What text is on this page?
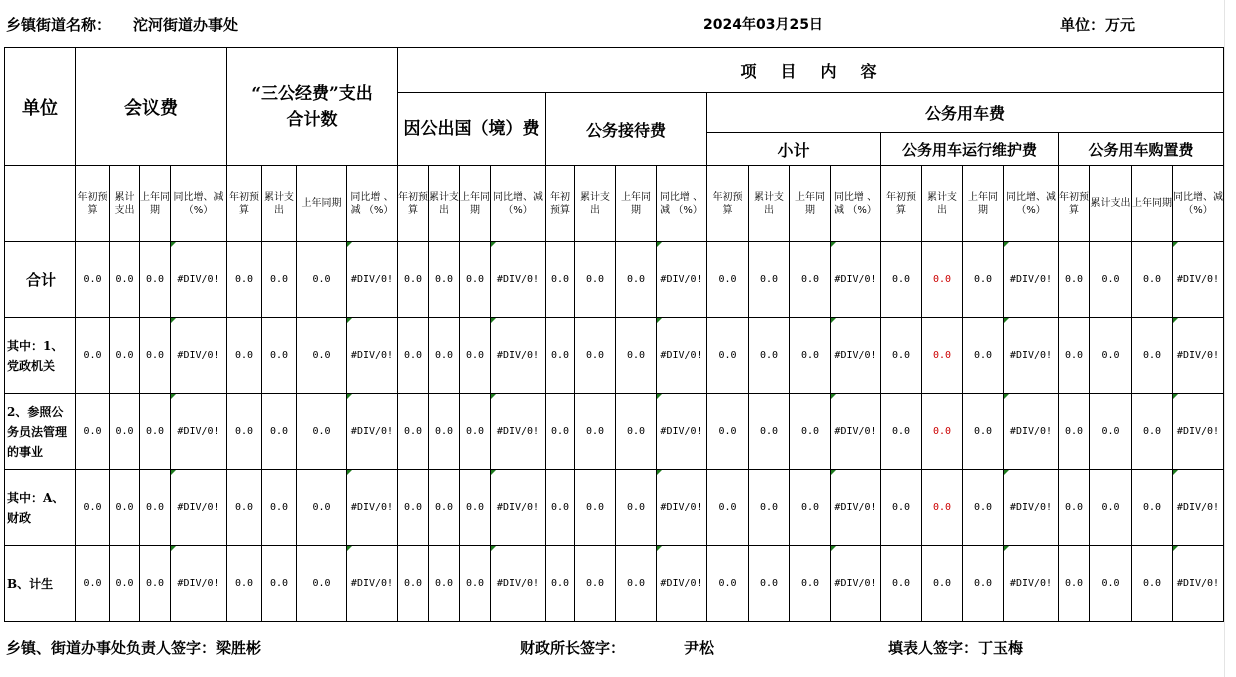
乡镇街道名称： 沱河街道办事处	2024年03月25日	单位：万元
单位	会议费				“三公经费”支出　　　合计数				项　目　内　容																			
									因公出国（境）费				公务接待费				公务用车费											
																	小计				公务用车运行维护费				公务用车购置费			
	年初预算	累计支出	上年同期	同比增、减（%）	年初预算	累计支出	上年同期	同比增 、减 （%）	年初预算	累计支出	上年同期	同比增、减（%）	年初预算	累计支 出	上年同 期	同比增 、减 （%）	年初预 算	累计支 出	上年同 期	同比增 、减 （%）	年初预 算	累计支 出	上年同 期	同比增、减（%）	年初预算	累计支出	上年同期	同比增、减（%）
合计	0.0	0.0	0.0	#DIV/0!	0.0	0.0	0.0	#DIV/0!	0.0	0.0	0.0	#DIV/0!	0.0	0.0	0.0	#DIV/0!	0.0	0.0	0.0	#DIV/0!	0.0	0.0	0.0	#DIV/0!	0.0	0.0	0.0	#DIV/0!

其中：1、党政机关	0.0	0.0	0.0	#DIV/0!	0.0	0.0	0.0	#DIV/0!	0.0	0.0	0.0	#DIV/0!	0.0	0.0	0.0	#DIV/0!	0.0	0.0	0.0	#DIV/0!	0.0	0.0	0.0	#DIV/0!	0.0	0.0	0.0	#DIV/0!

2、参照公务员法管理的事业	0.0	0.0	0.0	#DIV/0!	0.0	0.0	0.0	#DIV/0!	0.0	0.0	0.0	#DIV/0!	0.0	0.0	0.0	#DIV/0!	0.0	0.0	0.0	#DIV/0!	0.0	0.0	0.0	#DIV/0!	0.0	0.0	0.0	#DIV/0!

其中：A、财政	0.0	0.0	0.0	#DIV/0!	0.0	0.0	0.0	#DIV/0!	0.0	0.0	0.0	#DIV/0!	0.0	0.0	0.0	#DIV/0!	0.0	0.0	0.0	#DIV/0!	0.0	0.0	0.0	#DIV/0!	0.0	0.0	0.0	#DIV/0!

B、计生	0.0	0.0	0.0	#DIV/0!	0.0	0.0	0.0	#DIV/0!	0.0	0.0	0.0	#DIV/0!	0.0	0.0	0.0	#DIV/0!	0.0	0.0	0.0	#DIV/0!	0.0	0.0	0.0	#DIV/0!	0.0	0.0	0.0	#DIV/0!
乡镇、街道办事处负责人签字：梁胜彬	财政所长签字：	尹松	填表人签字：丁玉梅
